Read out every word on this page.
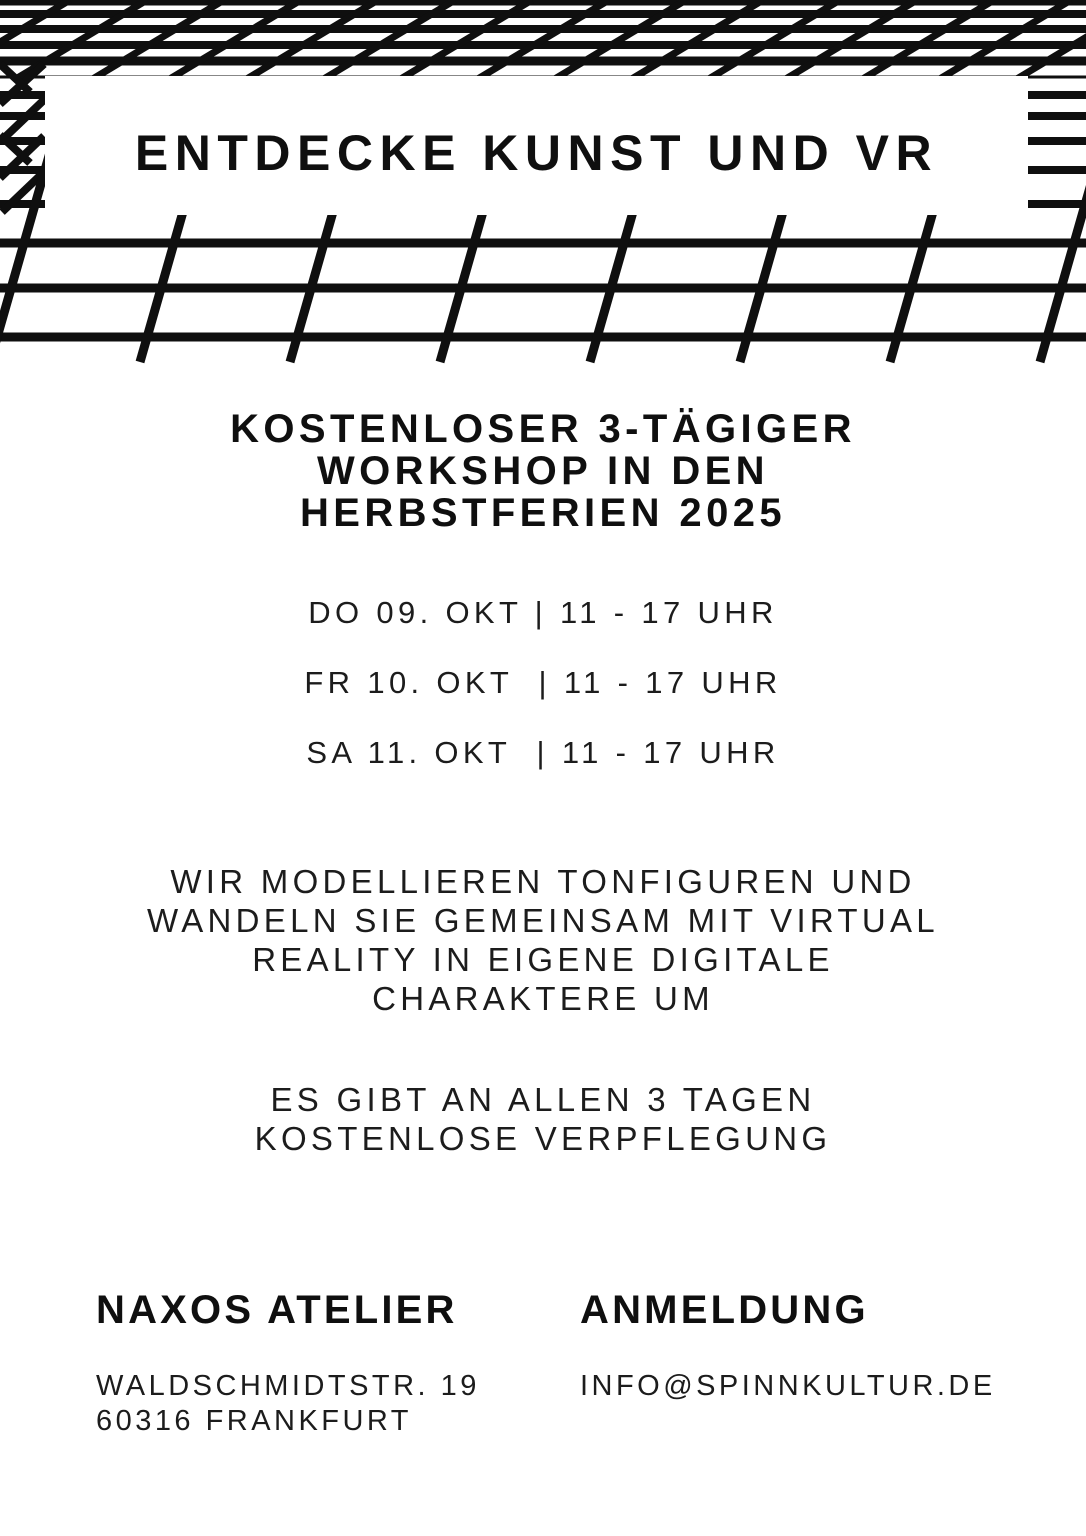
ENTDECKE KUNST UND VR
KOSTENLOSER 3-TÄGIGER
WORKSHOP IN DEN
HERBSTFERIEN 2025
DO 09. OKT | 11 - 17 UHR
FR 10. OKT  | 11 - 17 UHR
SA 11. OKT  | 11 - 17 UHR
WIR MODELLIEREN TONFIGUREN UND
WANDELN SIE GEMEINSAM MIT VIRTUAL
REALITY IN EIGENE DIGITALE
CHARAKTERE UM
ES GIBT AN ALLEN 3 TAGEN
KOSTENLOSE VERPFLEGUNG
NAXOS ATELIER
WALDSCHMIDTSTR. 19
60316 FRANKFURT
ANMELDUNG
INFO@SPINNKULTUR.DE
